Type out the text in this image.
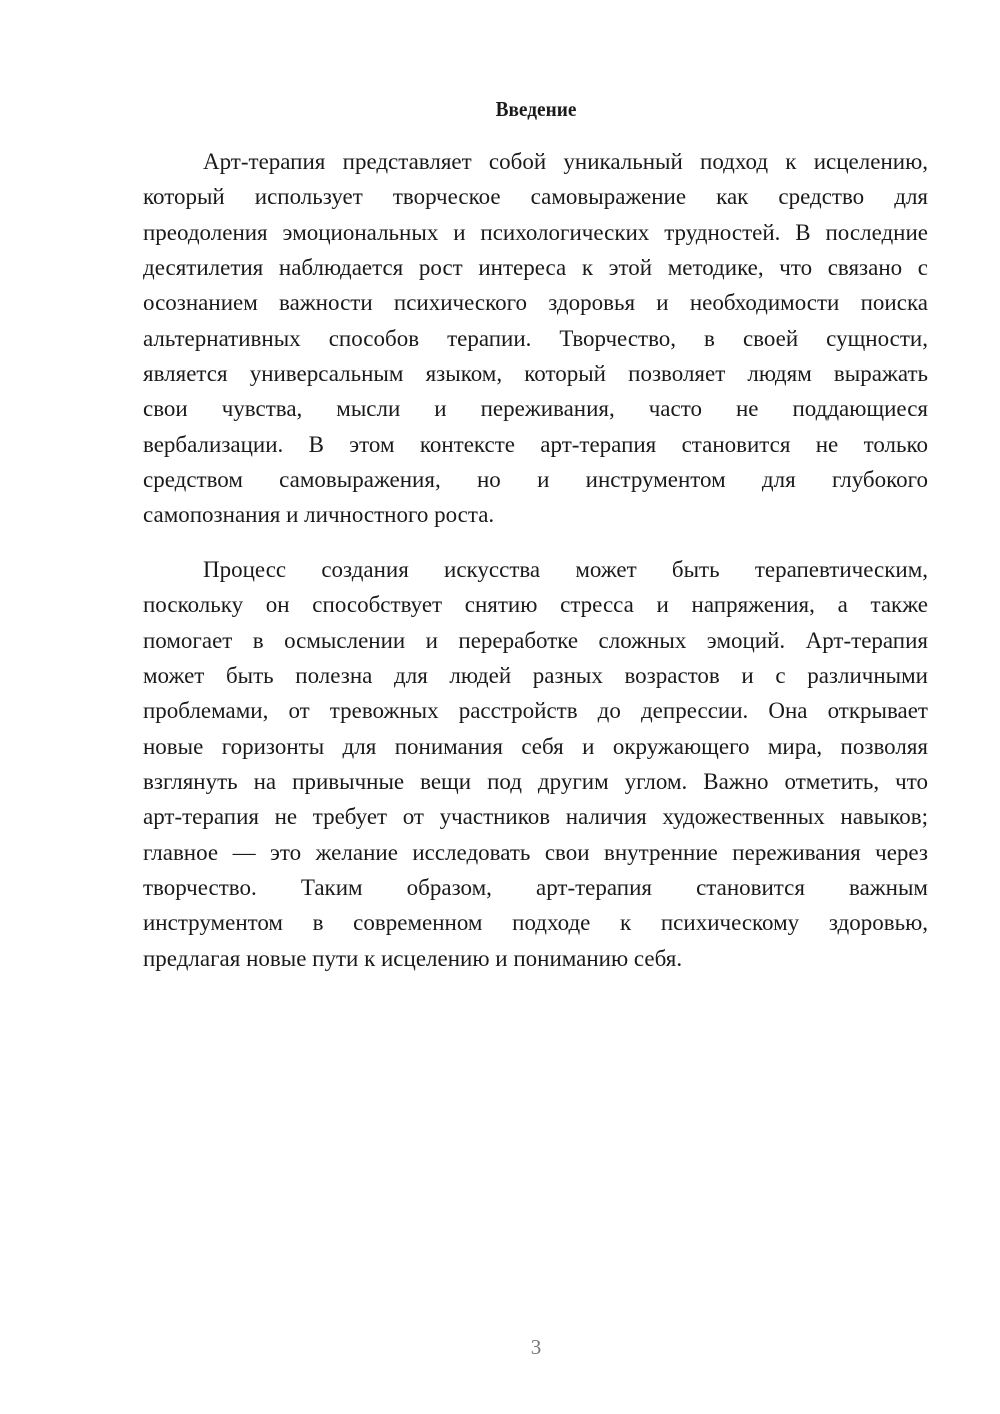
Введение
Арт-терапия представляет собой уникальный подход к исцелению,
который использует творческое самовыражение как средство для
преодоления эмоциональных и психологических трудностей. В последние
десятилетия наблюдается рост интереса к этой методике, что связано с
осознанием важности психического здоровья и необходимости поиска
альтернативных способов терапии. Творчество, в своей сущности,
является универсальным языком, который позволяет людям выражать
свои чувства, мысли и переживания, часто не поддающиеся
вербализации. В этом контексте арт-терапия становится не только
средством самовыражения, но и инструментом для глубокого
самопознания и личностного роста.
Процесс создания искусства может быть терапевтическим,
поскольку он способствует снятию стресса и напряжения, а также
помогает в осмыслении и переработке сложных эмоций. Арт-терапия
может быть полезна для людей разных возрастов и с различными
проблемами, от тревожных расстройств до депрессии. Она открывает
новые горизонты для понимания себя и окружающего мира, позволяя
взглянуть на привычные вещи под другим углом. Важно отметить, что
арт-терапия не требует от участников наличия художественных навыков;
главное — это желание исследовать свои внутренние переживания через
творчество. Таким образом, арт-терапия становится важным
инструментом в современном подходе к психическому здоровью,
предлагая новые пути к исцелению и пониманию себя.
3
